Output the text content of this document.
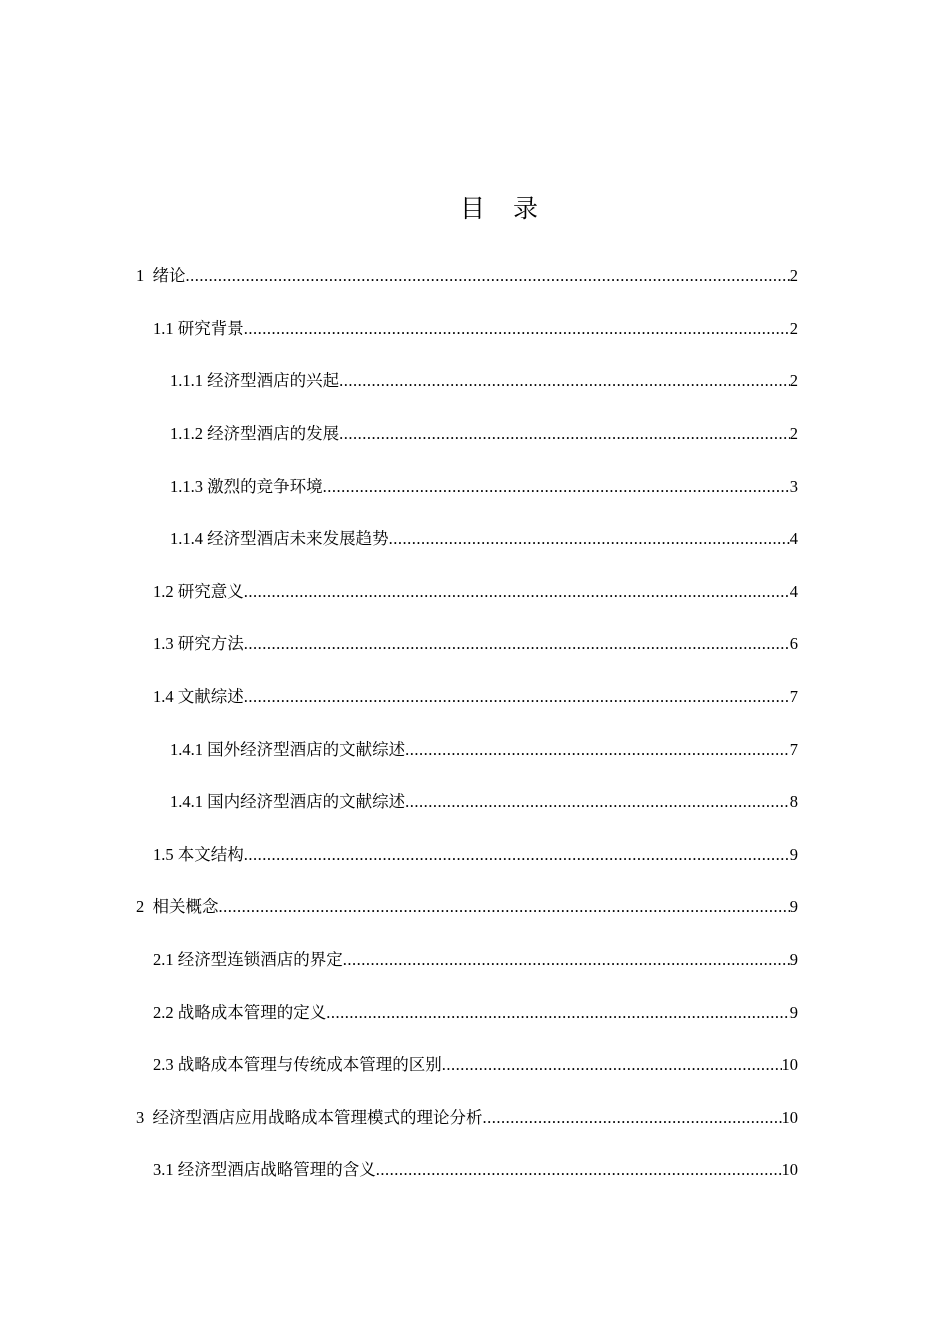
目 录
1 绪论 .....	2
1.1 研究背景 .....	2
1.1.1 经济型酒店的兴起 .....	2
1.1.2 经济型酒店的发展 .....	2
1.1.3 激烈的竞争环境 .....	3
1.1.4 经济型酒店未来发展趋势 .....	4
1.2 研究意义 .....	4
1.3 研究方法 .....	6
1.4 文献综述 .....	7
1.4.1 国外经济型酒店的文献综述 .....	7
1.4.1 国内经济型酒店的文献综述 .....	8
1.5 本文结构 .....	9
2 相关概念 .....	9
2.1 经济型连锁酒店的界定 .....	9
2.2 战略成本管理的定义 .....	9
2.3 战略成本管理与传统成本管理的区别 .....	10
3 经济型酒店应用战略成本管理模式的理论分析 .....	10
3.1 经济型酒店战略管理的含义 .....	10
